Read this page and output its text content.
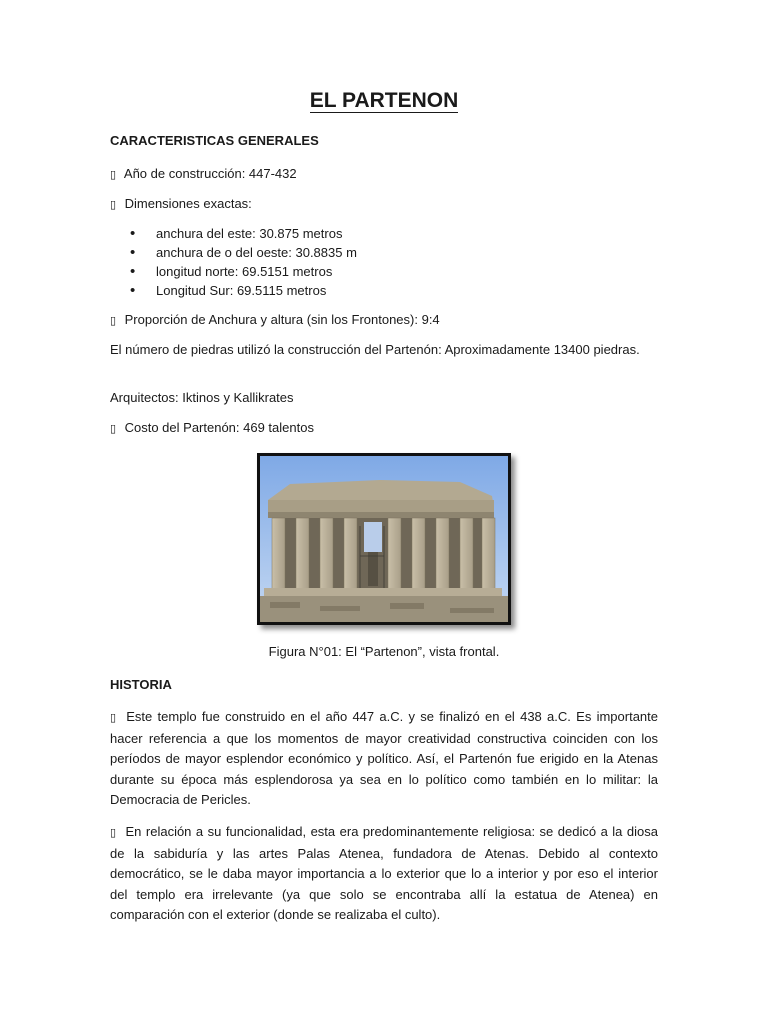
EL PARTENON
CARACTERISTICAS GENERALES
▯ Año de construcción: 447-432
▯ Dimensiones exactas:
• anchura del este: 30.875 metros
• anchura de o del oeste: 30.8835 m
• longitud norte: 69.5151 metros
• Longitud Sur: 69.5115 metros
▯ Proporción de Anchura y altura (sin los Frontones): 9:4
El número de piedras utilizó la construcción del Partenón: Aproximadamente 13400 piedras.
Arquitectos: Iktinos y Kallikrates
▯ Costo del Partenón: 469 talentos
Figura N°01: El “Partenon”, vista frontal.
HISTORIA
▯ Este templo fue construido en el año 447 a.C. y se finalizó en el 438 a.C. Es importante hacer referencia a que los momentos de mayor creatividad constructiva coinciden con los períodos de mayor esplendor económico y político. Así, el Partenón fue erigido en la Atenas durante su época más esplendorosa ya sea en lo político como también en lo militar: la Democracia de Pericles.
▯ En relación a su funcionalidad, esta era predominantemente religiosa: se dedicó a la diosa de la sabiduría y las artes Palas Atenea, fundadora de Atenas. Debido al contexto democrático, se le daba mayor importancia a lo exterior que lo a interior y por eso el interior del templo era irrelevante (ya que solo se encontraba allí la estatua de Atenea) en comparación con el exterior (donde se realizaba el culto).
